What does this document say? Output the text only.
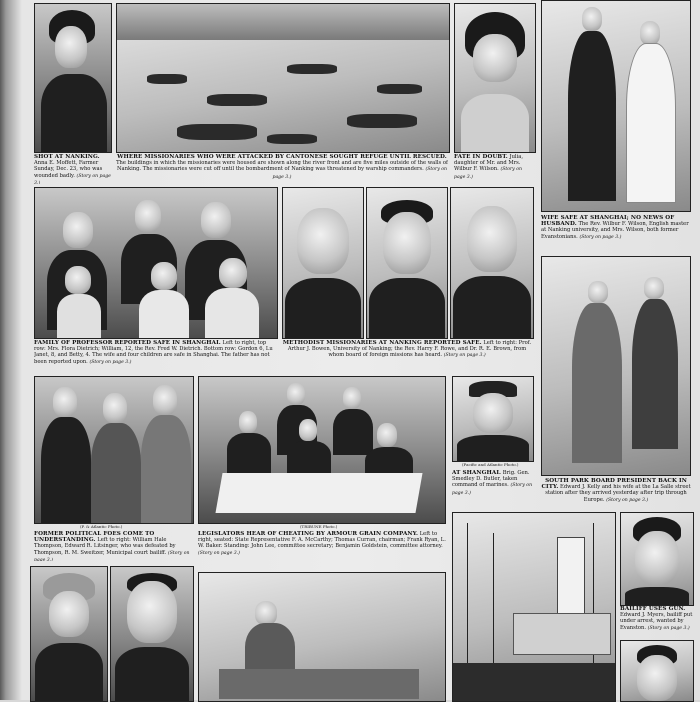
SHOT AT NANKING. Anna E. Moffett, Farmer Sunday, Dec. 23, who was wounded badly. (Story on page 3.)
WHERE MISSIONARIES WHO WERE ATTACKED BY CANTONESE SOUGHT REFUGE UNTIL RESCUED. The buildings in which the missionaries were housed are shown along the river front and are five miles outside of the walls of Nanking. The missionaries were cut off until the bombardment of Nanking was threatened by warship commanders. (Story on page 3.)
FATE IN DOUBT. Julia, daughter of Mr. and Mrs. Wilbur F. Wilson. (Story on page 3.)
WIFE SAFE AT SHANGHAI; NO NEWS OF HUSBAND. The Rev. Wilbur F. Wilson, English master at Nanking university, and Mrs. Wilson, both former Evanstonians. (Story on page 3.)
FAMILY OF PROFESSOR REPORTED SAFE IN SHANGHAI. Left to right, top row: Mrs. Flora Dietrich; William, 12, the Rev. Fred W. Dietrich. Bottom row: Gordon 6, Lu Janet, 8, and Betty, 4. The wife and four children are safe in Shanghai. The father has not been reported upon. (Story on page 3.)
METHODIST MISSIONARIES AT NANKING REPORTED SAFE. Left to right: Prof. Arthur J. Bowen, University of Nanking; the Rev. Harry F. Rowe, and Dr. R. E. Brown, from whom board of foreign missions has heard. (Story on page 3.)
SOUTH PARK BOARD PRESIDENT BACK IN CITY. Edward J. Kelly and his wife at the La Salle street station after they arrived yesterday after trip through Europe. (Story on page 3.)
(P. & Atlantic Photo.)
FORMER POLITICAL FOES COME TO UNDERSTANDING. Left to right: William Hale Thompson, Edward R. Litsinger, who was defeated by Thompson, R. M. Sweitzer, Municipal court bailiff. (Story on page 3.)
(TRIBUNE Photo.)
LEGISLATORS HEAR OF CHEATING BY ARMOUR GRAIN COMPANY. Left to right, seated: State Representative F. A. McCarthy; Thomas Curran, chairman; Frank Ryan, L. W. Baker. Standing: John Lee, committee secretary; Benjamin Goldstein, committee attorney. (Story on page 3.)
(Pacific and Atlantic Photo.)
AT SHANGHAI. Brig. Gen. Smedley D. Butler, taken command of marines. (Story on page 3.)
BAILIFF USES GUN. Edward J. Myers, bailiff put under arrest, wanted by Evanston. (Story on page 3.)
